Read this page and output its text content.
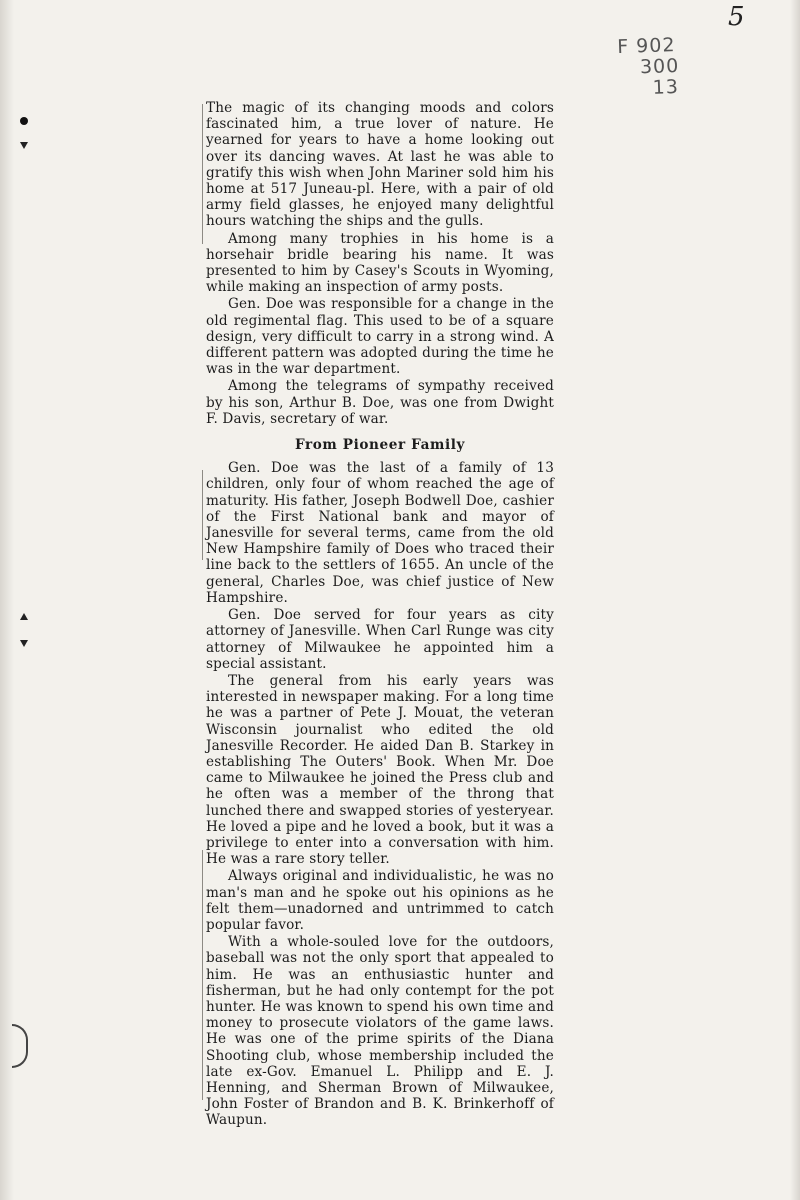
5
F 902
300
13

The magic of its changing moods and colors fascinated him, a true lover of nature. He yearned for years to have a home looking out over its dancing waves. At last he was able to gratify this wish when John Mariner sold him his home at 517 Juneau-pl. Here, with a pair of old army field glasses, he enjoyed many delightful hours watching the ships and the gulls.

Among many trophies in his home is a horsehair bridle bearing his name. It was presented to him by Casey's Scouts in Wyoming, while making an inspection of army posts.

Gen. Doe was responsible for a change in the old regimental flag. This used to be of a square design, very difficult to carry in a strong wind. A different pattern was adopted during the time he was in the war department.

Among the telegrams of sympathy received by his son, Arthur B. Doe, was one from Dwight F. Davis, secretary of war.

From Pioneer Family

Gen. Doe was the last of a family of 13 children, only four of whom reached the age of maturity. His father, Joseph Bodwell Doe, cashier of the First National bank and mayor of Janesville for several terms, came from the old New Hampshire family of Does who traced their line back to the settlers of 1655. An uncle of the general, Charles Doe, was chief justice of New Hampshire.

Gen. Doe served for four years as city attorney of Janesville. When Carl Runge was city attorney of Milwaukee he appointed him a special assistant.

The general from his early years was interested in newspaper making. For a long time he was a partner of Pete J. Mouat, the veteran Wisconsin journalist who edited the old Janesville Recorder. He aided Dan B. Starkey in establishing The Outers' Book. When Mr. Doe came to Milwaukee he joined the Press club and he often was a member of the throng that lunched there and swapped stories of yesteryear. He loved a pipe and he loved a book, but it was a privilege to enter into a conversation with him. He was a rare story teller.

Always original and individualistic, he was no man's man and he spoke out his opinions as he felt them—unadorned and untrimmed to catch popular favor.

With a whole-souled love for the outdoors, baseball was not the only sport that appealed to him. He was an enthusiastic hunter and fisherman, but he had only contempt for the pot hunter. He was known to spend his own time and money to prosecute violators of the game laws. He was one of the prime spirits of the Diana Shooting club, whose membership included the late ex-Gov. Emanuel L. Philipp and E. J. Henning, and Sherman Brown of Milwaukee, John Foster of Brandon and B. K. Brinkerhoff of Waupun.
